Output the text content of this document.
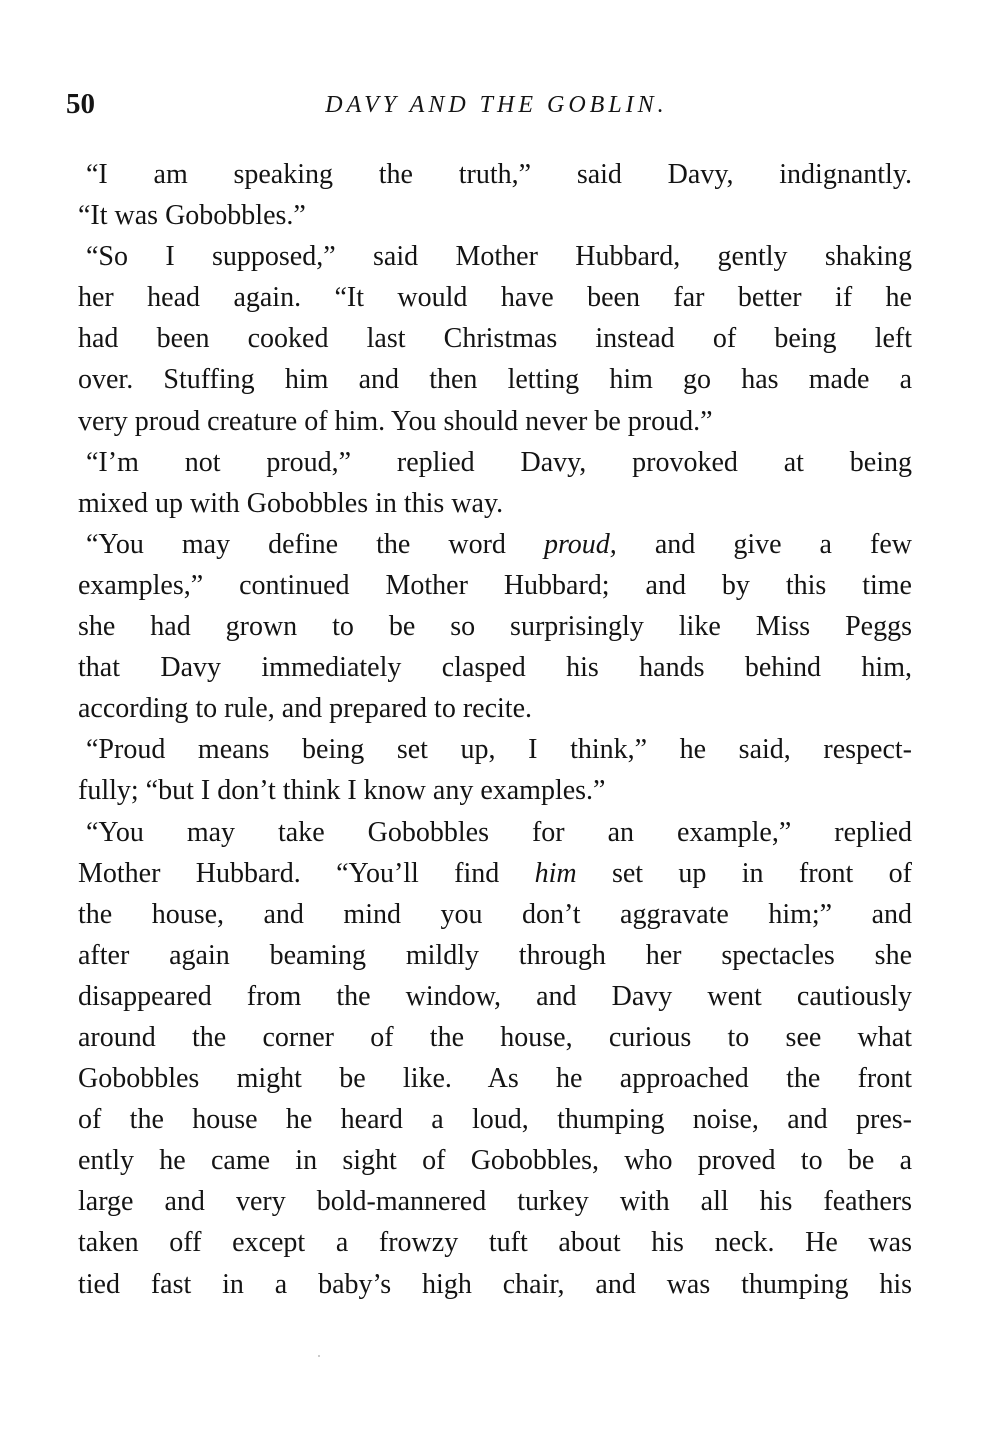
50	DAVY AND THE GOBLIN.
“I am speaking the truth,” said Davy, indignantly.
“It was Gobobbles.”
“So I supposed,” said Mother Hubbard, gently shaking
her head again. “It would have been far better if he
had been cooked last Christmas instead of being left
over. Stuffing him and then letting him go has made a
very proud creature of him. You should never be proud.”
“I’m not proud,” replied Davy, provoked at being
mixed up with Gobobbles in this way.
“You may define the word proud, and give a few
examples,” continued Mother Hubbard; and by this time
she had grown to be so surprisingly like Miss Peggs
that Davy immediately clasped his hands behind him,
according to rule, and prepared to recite.
“Proud means being set up, I think,” he said, respect-
fully; “but I don’t think I know any examples.”
“You may take Gobobbles for an example,” replied
Mother Hubbard. “You’ll find him set up in front of
the house, and mind you don’t aggravate him;” and
after again beaming mildly through her spectacles she
disappeared from the window, and Davy went cautiously
around the corner of the house, curious to see what
Gobobbles might be like. As he approached the front
of the house he heard a loud, thumping noise, and pres-
ently he came in sight of Gobobbles, who proved to be a
large and very bold-mannered turkey with all his feathers
taken off except a frowzy tuft about his neck. He was
tied fast in a baby’s high chair, and was thumping his
